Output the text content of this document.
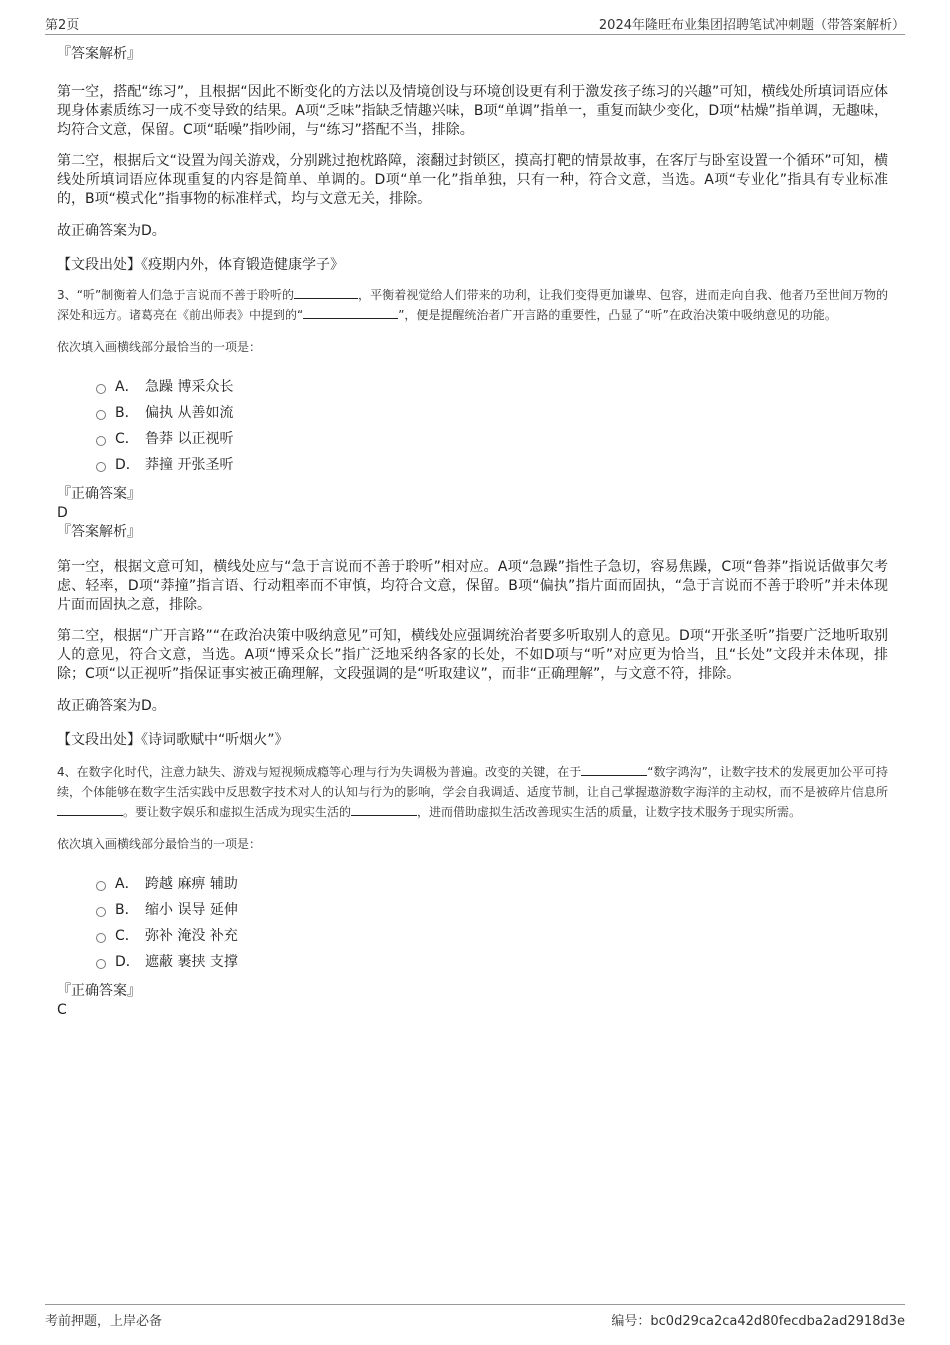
第2页	2024年隆旺布业集团招聘笔试冲刺题（带答案解析）

『答案解析』

第一空，搭配“练习”，且根据“因此不断变化的方法以及情境创设与环境创设更有利于激发孩子练习的兴趣”可知，横线处所填词语应体现身体素质练习一成不变导致的结果。A项“乏味”指缺乏情趣兴味，B项“单调”指单一，重复而缺少变化，D项“枯燥”指单调，无趣味，均符合文意，保留。C项“聒噪”指吵闹，与“练习”搭配不当，排除。

第二空，根据后文“设置为闯关游戏，分别跳过抱枕路障，滚翻过封锁区，摸高打靶的情景故事，在客厅与卧室设置一个循环”可知，横线处所填词语应体现重复的内容是简单、单调的。D项“单一化”指单独，只有一种，符合文意，当选。A项“专业化”指具有专业标准的，B项“模式化”指事物的标准样式，均与文意无关，排除。

故正确答案为D。

【文段出处】《疫期内外，体育锻造健康学子》

3、“听”制衡着人们急于言说而不善于聆听的	，平衡着视觉给人们带来的功利，让我们变得更加谦卑、包容，进而走向自我、他者乃至世间万物的深处和远方。诸葛亮在《前出师表》中提到的“	”，便是提醒统治者广开言路的重要性，凸显了“听”在政治决策中吸纳意见的功能。

依次填入画横线部分最恰当的一项是：

A． 急躁 博采众长
B． 偏执 从善如流
C． 鲁莽 以正视听
D． 莽撞 开张圣听

『正确答案』

D

『答案解析』

第一空，根据文意可知，横线处应与“急于言说而不善于聆听”相对应。A项“急躁”指性子急切，容易焦躁，C项“鲁莽”指说话做事欠考虑、轻率，D项“莽撞”指言语、行动粗率而不审慎，均符合文意，保留。B项“偏执”指片面而固执，“急于言说而不善于聆听”并未体现片面而固执之意，排除。

第二空，根据“广开言路”“在政治决策中吸纳意见”可知，横线处应强调统治者要多听取别人的意见。D项“开张圣听”指要广泛地听取别人的意见，符合文意，当选。A项“博采众长”指广泛地采纳各家的长处，不如D项与“听”对应更为恰当，且“长处”文段并未体现，排除；C项“以正视听”指保证事实被正确理解，文段强调的是“听取建议”，而非“正确理解”，与文意不符，排除。

故正确答案为D。

【文段出处】《诗词歌赋中“听烟火”》

4、在数字化时代，注意力缺失、游戏与短视频成瘾等心理与行为失调极为普遍。改变的关键，在于	“数字鸿沟”，让数字技术的发展更加公平可持续，个体能够在数字生活实践中反思数字技术对人的认知与行为的影响，学会自我调适、适度节制，让自己掌握遨游数字海洋的主动权，而不是被碎片信息所。要让数字娱乐和虚拟生活成为现实生活的	，进而借助虚拟生活改善现实生活的质量，让数字技术服务于现实所需。

依次填入画横线部分最恰当的一项是：

A． 跨越 麻痹 辅助
B． 缩小 误导 延伸
C． 弥补 淹没 补充
D． 遮蔽 裹挟 支撑

『正确答案』

C

考前押题，上岸必备	编号：bc0d29ca2ca42d80fecdba2ad2918d3e
